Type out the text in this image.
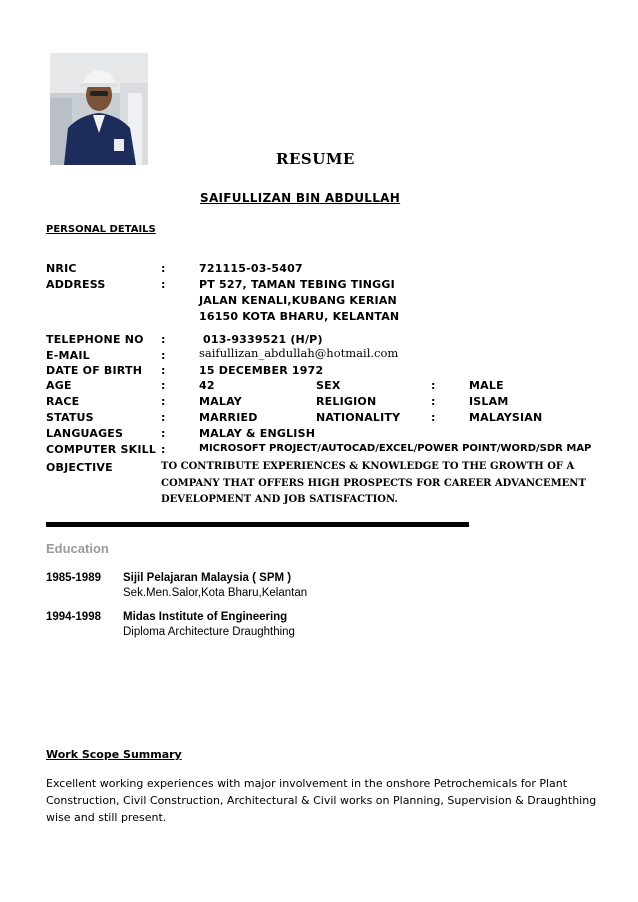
RESUME
SAIFULLIZAN BIN ABDULLAH
PERSONAL DETAILS
NRIC	:	721115-03-5407
ADDRESS	:	PT 527, TAMAN TEBING TINGGI
JALAN KENALI,KUBANG KERIAN
16150 KOTA BHARU, KELANTAN
TELEPHONE NO :	013-9339521 (H/P)
E-MAIL	:	saifullizan_abdullah@hotmail.com
DATE OF BIRTH :	15 DECEMBER 1972
AGE	:	42	SEX	:	MALE
RACE	:	MALAY	RELIGION	:	ISLAM
STATUS	:	MARRIED	NATIONALITY	:	MALAYSIAN
LANGUAGES	:	MALAY & ENGLISH
COMPUTER SKILL :	MICROSOFT PROJECT/AUTOCAD/EXCEL/POWER POINT/WORD/SDR MAP
OBJECTIVE	TO CONTRIBUTE EXPERIENCES & KNOWLEDGE TO THE GROWTH OF A COMPANY THAT OFFERS HIGH PROSPECTS FOR CAREER ADVANCEMENT DEVELOPMENT AND JOB SATISFACTION.
Education
1985-1989 Sijil Pelajaran Malaysia ( SPM )
Sek.Men.Salor,Kota Bharu,Kelantan
1994-1998 Midas Institute of Engineering
Diploma Architecture Draughthing
Work Scope Summary
Excellent working experiences with major involvement in the onshore Petrochemicals for Plant Construction, Civil Construction, Architectural & Civil works on Planning, Supervision & Draughthing wise and still present.
